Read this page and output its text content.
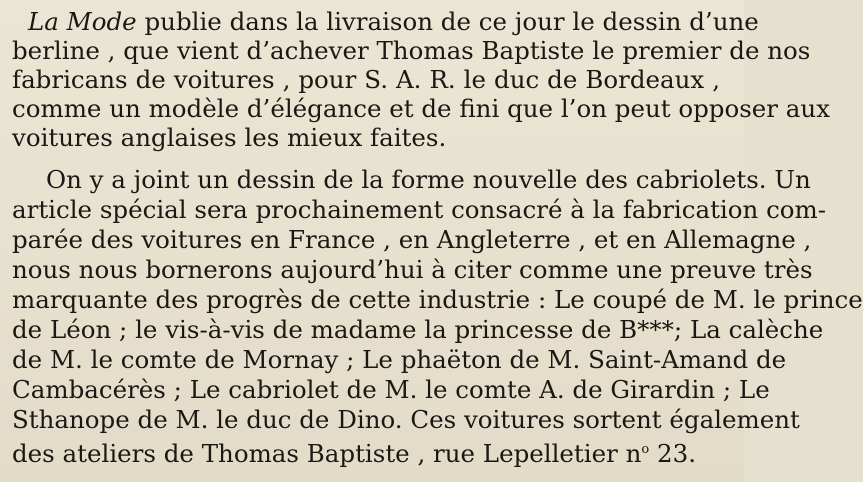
La Mode publie dans la livraison de ce jour le dessin d’une
berline , que vient d’achever Thomas Baptiste le premier de nos
fabricans de voitures , pour S. A. R. le duc de Bordeaux ,
comme un modèle d’élégance et de fini que l’on peut opposer aux
voitures anglaises les mieux faites.
On y a joint un dessin de la forme nouvelle des cabriolets. Un
article spécial sera prochainement consacré à la fabrication com-
parée des voitures en France , en Angleterre , et en Allemagne ,
nous nous bornerons aujourd’hui à citer comme une preuve très
marquante des progrès de cette industrie : Le coupé de M. le prince
de Léon ; le vis-à-vis de madame la princesse de B***; La calèche
de M. le comte de Mornay ; Le phaëton de M. Saint-Amand de
Cambacérès ; Le cabriolet de M. le comte A. de Girardin ; Le
Sthanope de M. le duc de Dino. Ces voitures sortent également
des ateliers de Thomas Baptiste , rue Lepelletier $n^o$ 23.
